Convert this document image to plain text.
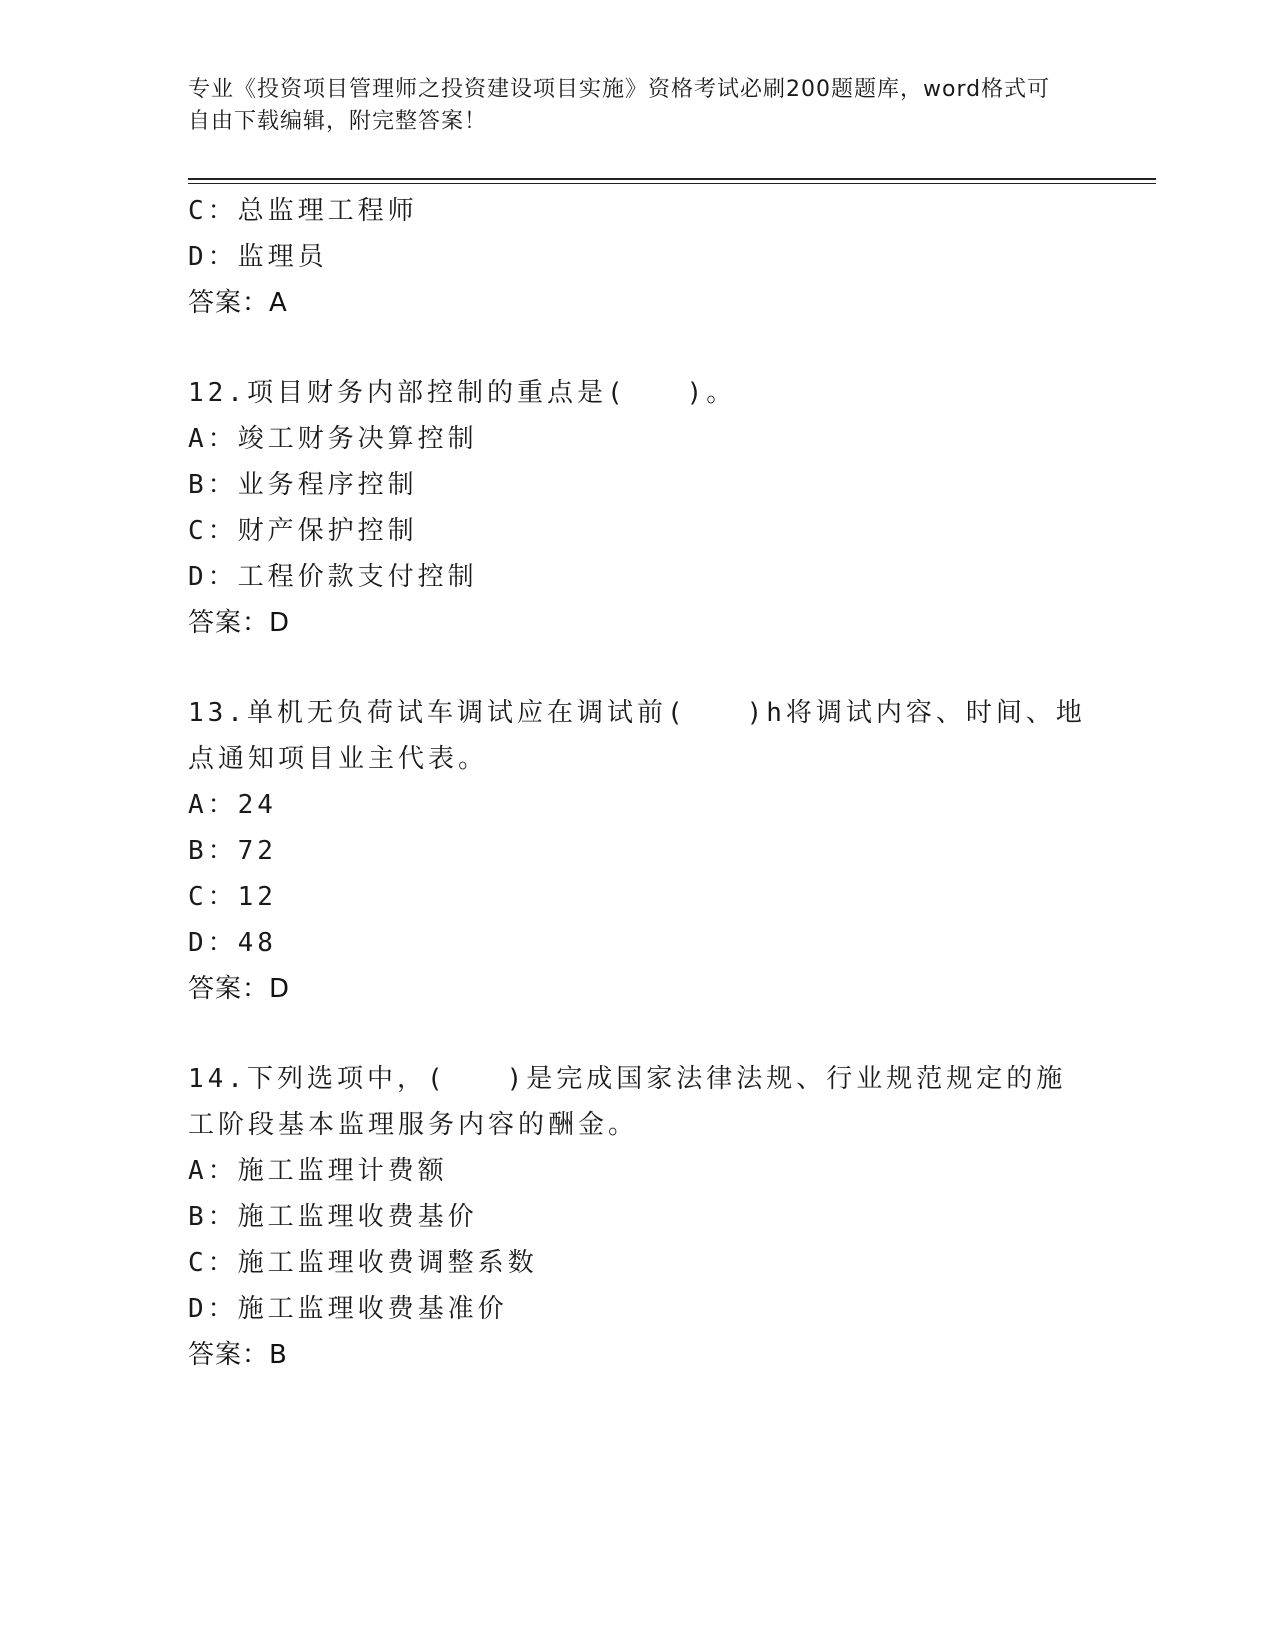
专业《投资项目管理师之投资建设项目实施》资格考试必刷200题题库，word格式可自由下载编辑，附完整答案！
C：总监理工程师
D：监理员
答案：A
12.项目财务内部控制的重点是(　　)。
A：竣工财务决算控制
B：业务程序控制
C：财产保护控制
D：工程价款支付控制
答案：D
13.单机无负荷试车调试应在调试前(　　)h将调试内容、时间、地点通知项目业主代表。
A：24
B：72
C：12
D：48
答案：D
14.下列选项中，(　　)是完成国家法律法规、行业规范规定的施工阶段基本监理服务内容的酬金。
A：施工监理计费额
B：施工监理收费基价
C：施工监理收费调整系数
D：施工监理收费基准价
答案：B
